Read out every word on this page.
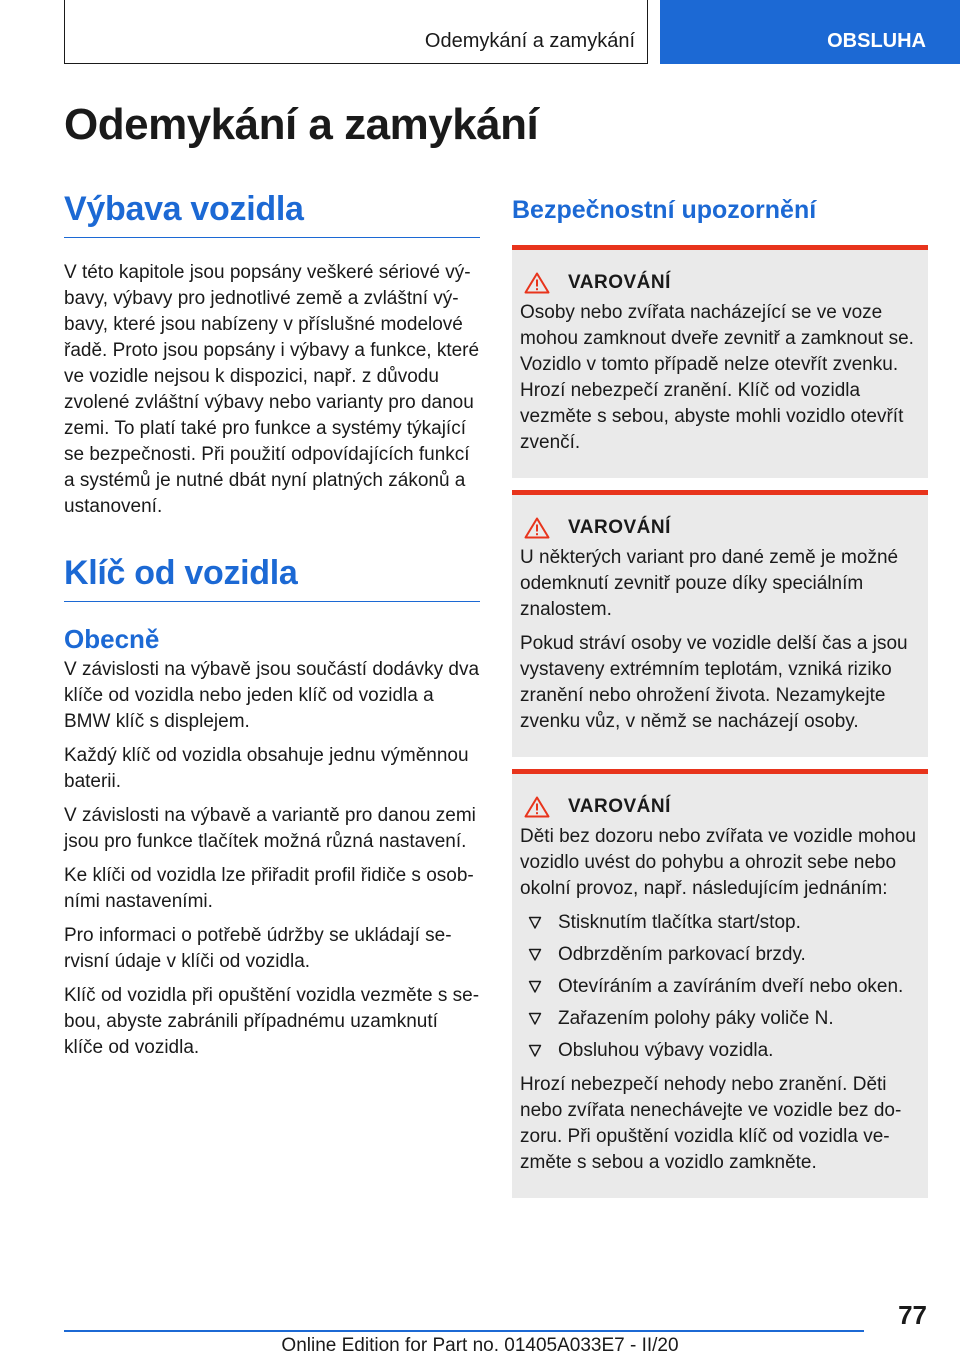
Odemykání a zamykání	OBSLUHA
Odemykání a zamykání
Výbava vozidla

V této kapitole jsou popsány veškeré sériové výbavy, výbavy pro jednotlivé země a zvláštní výbavy, které jsou nabízeny v příslušné modelové řadě. Proto jsou popsány i výbavy a funkce, které ve vozidle nejsou k dispozici, např. z důvodu zvolené zvláštní výbavy nebo varianty pro danou zemi. To platí také pro funkce a systémy týkající se bezpečnosti. Při použití odpovídajících funkcí a systémů je nutné dbát nyní platných zákonů a ustanovení.

Klíč od vozidla
Obecně

V závislosti na výbavě jsou součástí dodávky dva klíče od vozidla nebo jeden klíč od vozidla a BMW klíč s displejem.

Každý klíč od vozidla obsahuje jednu výměnnou baterii.

V závislosti na výbavě a variantě pro danou zemi jsou pro funkce tlačítek možná různá nastavení.

Ke klíči od vozidla lze přiřadit profil řidiče s osobními nastaveními.

Pro informaci o potřebě údržby se ukládají servisní údaje v klíči od vozidla.

Klíč od vozidla při opuštění vozidla vezměte s sebou, abyste zabránili případnému uzamknutí klíče od vozidla.

Bezpečnostní upozornění
VAROVÁNÍ

Osoby nebo zvířata nacházející se ve voze mohou zamknout dveře zevnitř a zamknout se. Vozidlo v tomto případě nelze otevřít zvenku. Hrozí nebezpečí zranění. Klíč od vozidla vezměte s sebou, abyste mohli vozidlo otevřít zvenčí.

VAROVÁNÍ

U některých variant pro dané země je možné odemknutí zevnitř pouze díky speciálním znalostem.

Pokud stráví osoby ve vozidle delší čas a jsou vystaveny extrémním teplotám, vzniká riziko zranění nebo ohrožení života. Nezamykejte zvenku vůz, v němž se nacházejí osoby.

VAROVÁNÍ

Děti bez dozoru nebo zvířata ve vozidle mohou vozidlo uvést do pohybu a ohrozit sebe nebo okolní provoz, např. následujícím jednáním:

Stisknutím tlačítka start/stop.
Odbrzděním parkovací brzdy.
Otevíráním a zavíráním dveří nebo oken.
Zařazením polohy páky voliče N.
Obsluhou výbavy vozidla.

Hrozí nebezpečí nehody nebo zranění. Děti nebo zvířata nenechávejte ve vozidle bez dozoru. Při opuštění vozidla klíč od vozidla vezměte s sebou a vozidlo zamkněte.

77
Online Edition for Part no. 01405A033E7 - II/20
